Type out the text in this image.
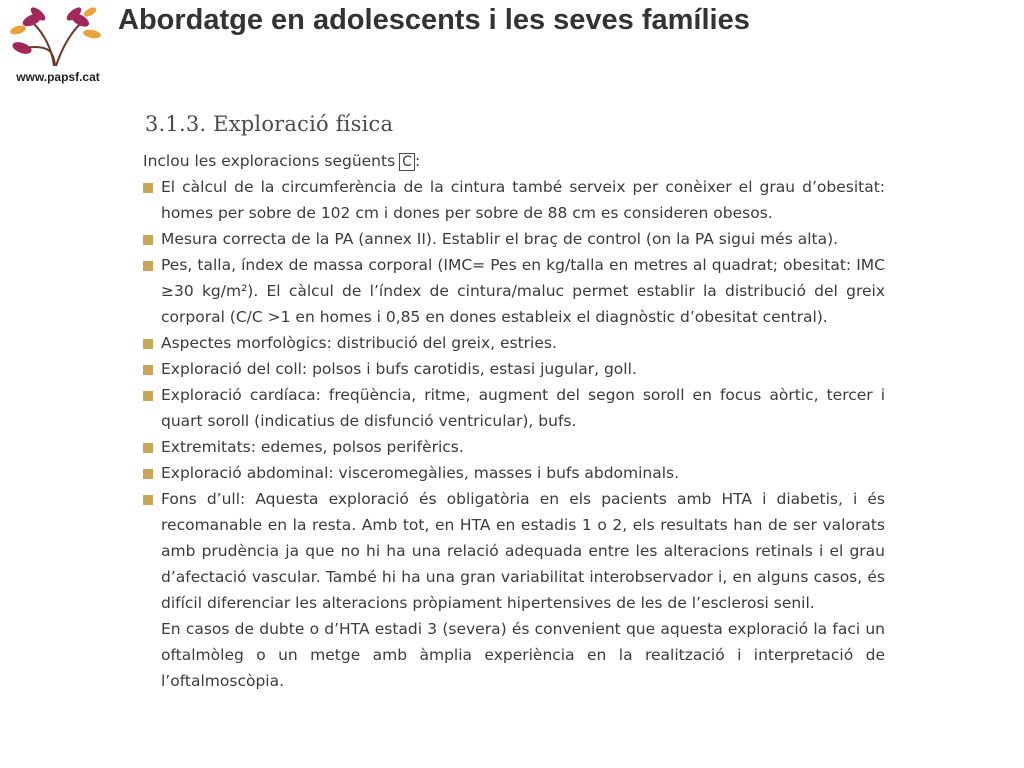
www.papsf.cat
Abordatge en adolescents i les seves famílies
3.1.3. Exploració física
Inclou les exploracions següents C :
El càlcul de la circumferència de la cintura també serveix per conèixer el grau d’obesitat: homes per sobre de 102 cm i dones per sobre de 88 cm es consideren obesos.
Mesura correcta de la PA (annex II). Establir el braç de control (on la PA sigui més alta).
Pes, talla, índex de massa corporal (IMC= Pes en kg/talla en metres al quadrat; obesitat: IMC ≥30 kg/m²). El càlcul de l’índex de cintura/maluc permet establir la distribució del greix corporal (C/C >1 en homes i 0,85 en dones estableix el diagnòstic d’obesitat central).
Aspectes morfològics: distribució del greix, estries.
Exploració del coll: polsos i bufs carotidis, estasi jugular, goll.
Exploració cardíaca: freqüència, ritme, augment del segon soroll en focus aòrtic, tercer i quart soroll (indicatius de disfunció ventricular), bufs.
Extremitats: edemes, polsos perifèrics.
Exploració abdominal: visceromegàlies, masses i bufs abdominals.
Fons d’ull: Aquesta exploració és obligatòria en els pacients amb HTA i diabetis, i és recomanable en la resta. Amb tot, en HTA en estadis 1 o 2, els resultats han de ser valorats amb prudència ja que no hi ha una relació adequada entre les alteracions retinals i el grau d’afectació vascular. També hi ha una gran variabilitat interobservador i, en alguns casos, és difícil diferenciar les alteracions pròpiament hipertensives de les de l’esclerosi senil.
En casos de dubte o d’HTA estadi 3 (severa) és convenient que aquesta exploració la faci un oftalmòleg o un metge amb àmplia experiència en la realització i interpretació de l’oftalmoscòpia.
